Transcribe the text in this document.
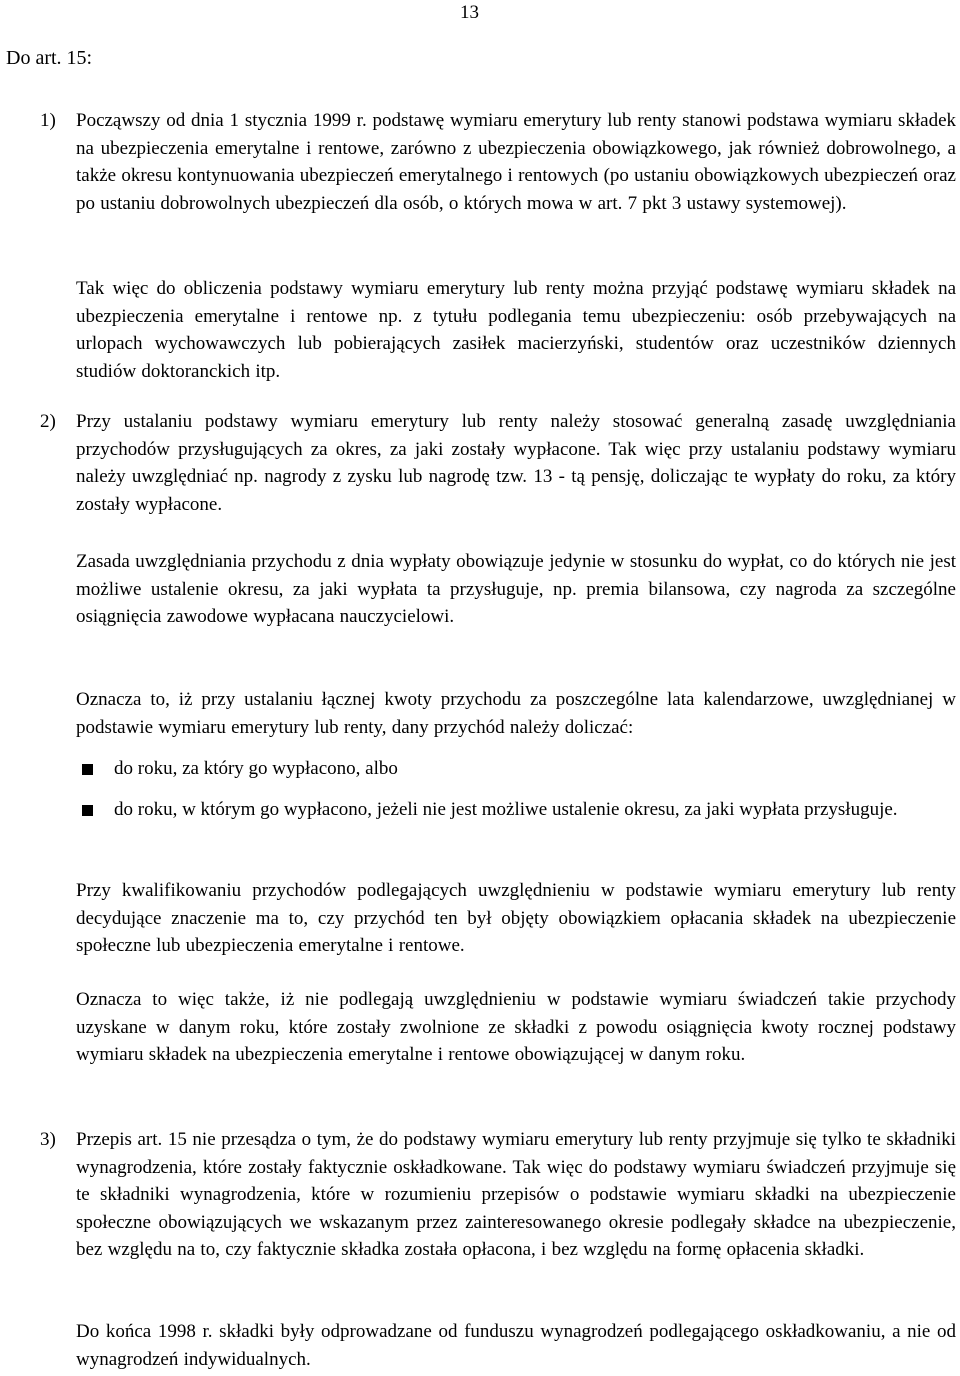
13
Do art. 15:
1) Począwszy od dnia 1 stycznia 1999 r. podstawę wymiaru emerytury lub renty stanowi podstawa wymiaru składek na ubezpieczenia emerytalne i rentowe, zarówno z ubezpieczenia obowiązkowego, jak również dobrowolnego, a także okresu kontynuowania ubezpieczeń emerytalnego i rentowych (po ustaniu obowiązkowych ubezpieczeń oraz po ustaniu dobrowolnych ubezpieczeń dla osób, o których mowa w art. 7 pkt 3 ustawy systemowej).
Tak więc do obliczenia podstawy wymiaru emerytury lub renty można przyjąć podstawę wymiaru składek na ubezpieczenia emerytalne i rentowe np. z tytułu podlegania temu ubezpieczeniu: osób przebywających na urlopach wychowawczych lub pobierających zasiłek macierzyński, studentów oraz uczestników dziennych studiów doktoranckich itp.
2) Przy ustalaniu podstawy wymiaru emerytury lub renty należy stosować generalną zasadę uwzględniania przychodów przysługujących za okres, za jaki zostały wypłacone. Tak więc przy ustalaniu podstawy wymiaru należy uwzględniać np. nagrody z zysku lub nagrodę tzw. 13 - tą pensję, doliczając te wypłaty do roku, za który zostały wypłacone.
Zasada uwzględniania przychodu z dnia wypłaty obowiązuje jedynie w stosunku do wypłat, co do których nie jest możliwe ustalenie okresu, za jaki wypłata ta przysługuje, np. premia bilansowa, czy nagroda za szczególne osiągnięcia zawodowe wypłacana nauczycielowi.
Oznacza to, iż przy ustalaniu łącznej kwoty przychodu za poszczególne lata kalendarzowe, uwzględnianej w podstawie wymiaru emerytury lub renty, dany przychód należy doliczać:
do roku, za który go wypłacono, albo
do roku, w którym go wypłacono, jeżeli nie jest możliwe ustalenie okresu, za jaki wypłata przysługuje.
Przy kwalifikowaniu przychodów podlegających uwzględnieniu w podstawie wymiaru emerytury lub renty decydujące znaczenie ma to, czy przychód ten był objęty obowiązkiem opłacania składek na ubezpieczenie społeczne lub ubezpieczenia emerytalne i rentowe.
Oznacza to więc także, iż nie podlegają uwzględnieniu w podstawie wymiaru świadczeń takie przychody uzyskane w danym roku, które zostały zwolnione ze składki z powodu osiągnięcia kwoty rocznej podstawy wymiaru składek na ubezpieczenia emerytalne i rentowe obowiązującej w danym roku.
3) Przepis art. 15 nie przesądza o tym, że do podstawy wymiaru emerytury lub renty przyjmuje się tylko te składniki wynagrodzenia, które zostały faktycznie oskładkowane. Tak więc do podstawy wymiaru świadczeń przyjmuje się te składniki wynagrodzenia, które w rozumieniu przepisów o podstawie wymiaru składki na ubezpieczenie społeczne obowiązujących we wskazanym przez zainteresowanego okresie podlegały składce na ubezpieczenie, bez względu na to, czy faktycznie składka została opłacona, i bez względu na formę opłacenia składki.
Do końca 1998 r. składki były odprowadzane od funduszu wynagrodzeń podlegającego oskładkowaniu, a nie od wynagrodzeń indywidualnych.
